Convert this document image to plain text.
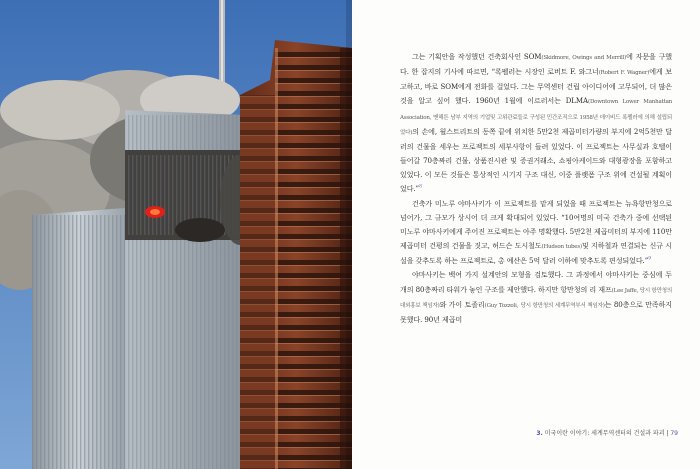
그는 기획안을 작성했던 건축회사인 SOM(Skidmore, Owings and Merrill)에 자문을 구했다. 한 잡지의 기사에 따르면, “록펠러는 시장인 로버트 F. 와그너(Robert F. Wagner)에게 보고하고, 바로 SOM에게 전화를 걸었다. 그는 무역센터 건립 아이디어에 고무되어, 더 많은 것을 알고 싶어 했다. 1960년 1월에 이르러서는 DLMA(Downtown Lower Manhattan Association, 맨해튼 남부 지역의 기업및 고위관료들로 구성된 민간조직으로 1958년 데이비드 록펠러에 의해 설립되었다)의 손에, 월스트리트의 동쪽 끝에 위치한 5만2천 제곱미터가량의 부지에 2억5천만 달러의 건물을 세우는 프로젝트의 세부사항이 들려 있었다. 이 프로젝트는 사무실과 호텔이 들어갈 70층짜리 건물, 상품진시관 및 증권거래소, 쇼핑아케이드와 대형광장을 포함하고 있었다. 이 모든 것들은 통상적인 시기지 구조 대신, 이중 플랫폼 구조 위에 건설될 계획이었다.”$^8$

건축가 미노루 야마사키가 이 프로젝트를 맡게 되었을 때 프로젝트는 뉴욕항만청으로 넘어가, 그 규모가 상시어 더 크게 확대되어 있었다. “10여명의 미국 건축가 중에 선택된 미노루 야마사키에게 주어진 프로젝트는 아주 명확했다. 5만2천 제곱미터의 부지에 110만 제곱미터 건평의 건물을 짓고, 허드슨 도시철도(Hudson tubes)및 지하철과 연결되는 신규 시설을 갖추도록 하는 프로젝트로, 총 예산은 5억 달러 이하에 맞추도록 편성되었다.”$^9$

야마사키는 백여 가지 설계안의 모형을 검토했다. 그 과정에서 야마사키는 중심에 두 개의 80층짜리 타워가 놓인 구조를 제안했다. 하지만 항만청의 리 재프(Lee Jaffe, 당시 항만청의 대외홍보 책임자)와 가이 토졸리(Guy Tozzoli, 당시 항만청의 세계무역부서 책임자)는 80층으로 만족하지 못했다. 90년 제곱미

3. 미국이란 이야기: 세계무역센터의 건설과 파괴 | 79
